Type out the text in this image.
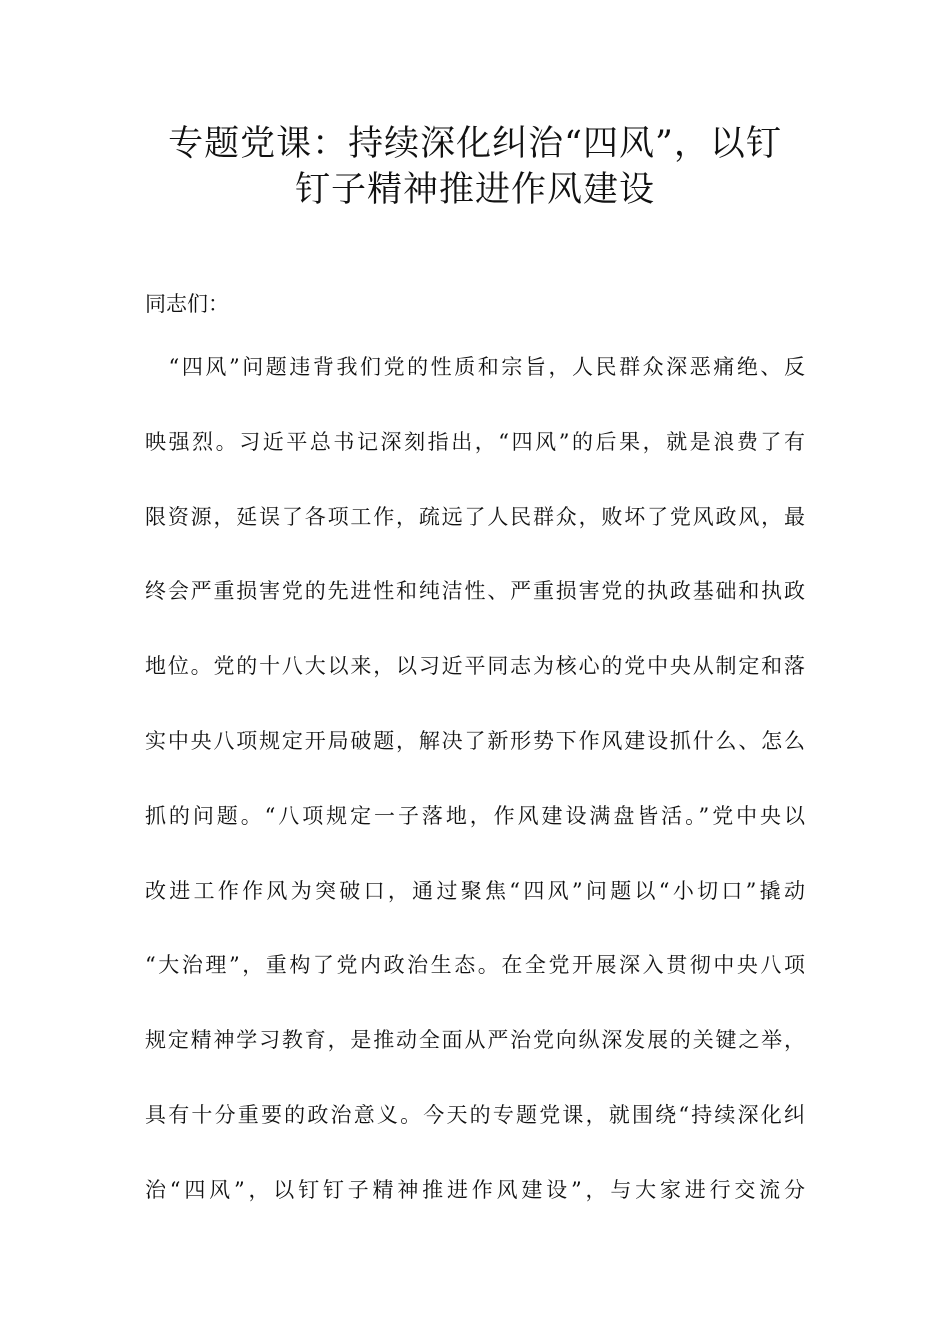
专题党课：持续深化纠治“四风”，以钉
钉子精神推进作风建设
同志们：
　“四风”问题违背我们党的性质和宗旨，人民群众深恶痛绝、反
映强烈。习近平总书记深刻指出，“四风”的后果，就是浪费了有
限资源，延误了各项工作，疏远了人民群众，败坏了党风政风，最
终会严重损害党的先进性和纯洁性、严重损害党的执政基础和执政
地位。党的十八大以来，以习近平同志为核心的党中央从制定和落
实中央八项规定开局破题，解决了新形势下作风建设抓什么、怎么
抓的问题。“八项规定一子落地，作风建设满盘皆活。”党中央以
改进工作作风为突破口，通过聚焦“四风”问题以“小切口”撬动
“大治理”，重构了党内政治生态。在全党开展深入贯彻中央八项
规定精神学习教育，是推动全面从严治党向纵深发展的关键之举，
具有十分重要的政治意义。今天的专题党课，就围绕“持续深化纠
治“四风”，以钉钉子精神推进作风建设”，与大家进行交流分
